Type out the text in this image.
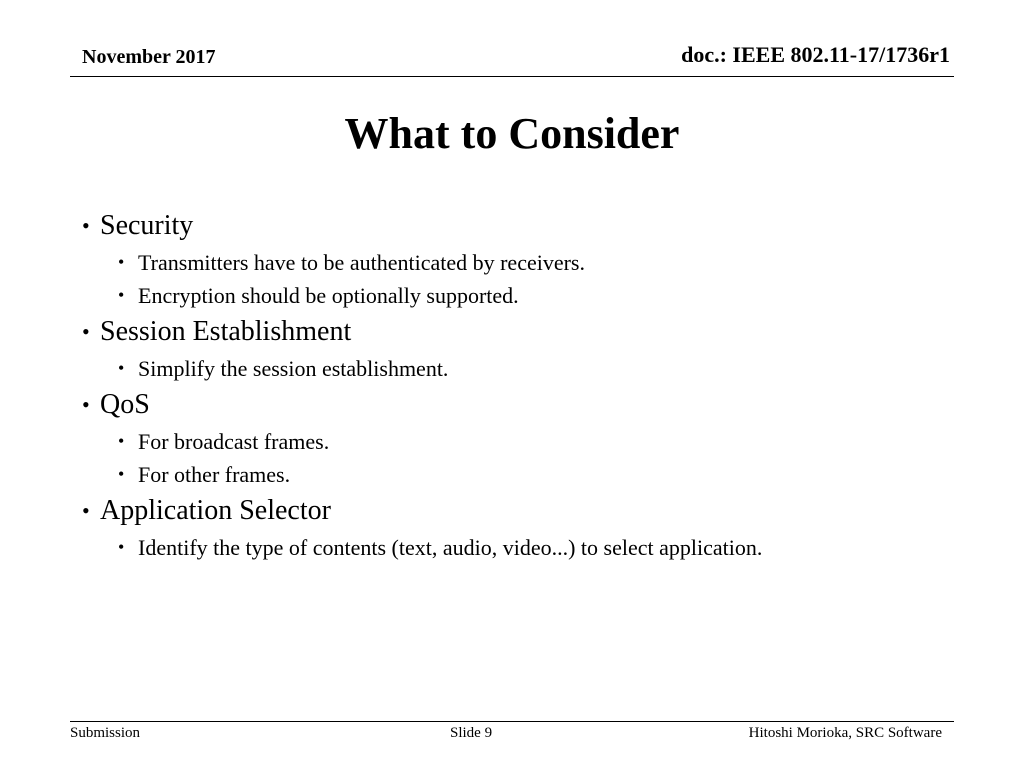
November 2017	doc.: IEEE 802.11-17/1736r1
What to Consider
• Security
• Transmitters have to be authenticated by receivers.
• Encryption should be optionally supported.
• Session Establishment
• Simplify the session establishment.
• QoS
• For broadcast frames.
• For other frames.
• Application Selector
• Identify the type of contents (text, audio, video...) to select application.
Submission	Slide 9	Hitoshi Morioka, SRC Software
